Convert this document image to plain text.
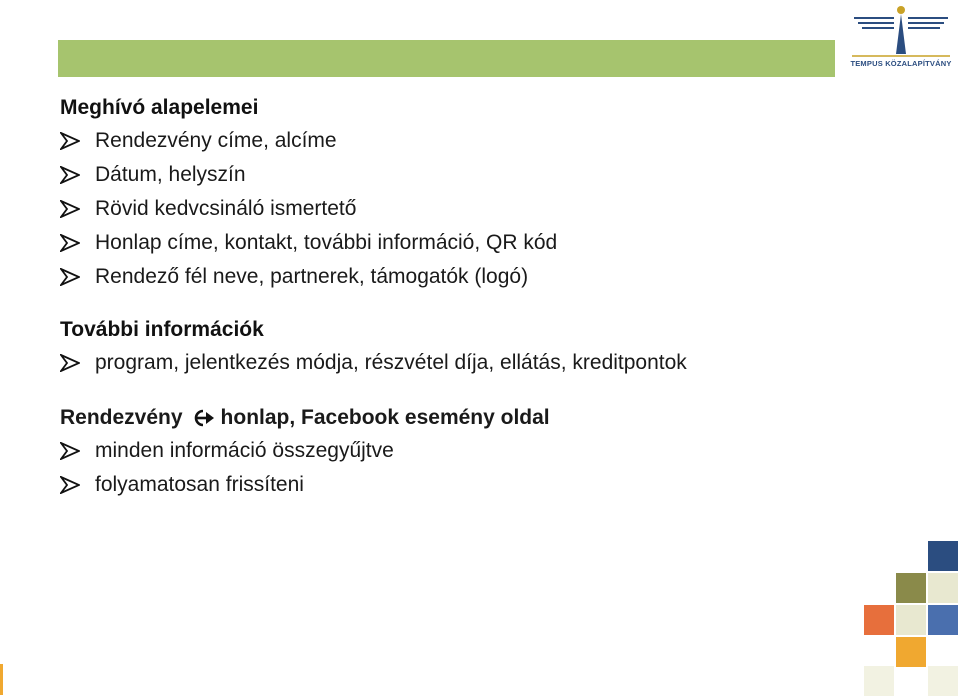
TEMPUS KÖZALAPÍTVÁNY
Meghívó alapelemei
Rendezvény címe, alcíme
Dátum, helyszín
Rövid kedvcsináló ismertető
Honlap címe, kontakt, további információ, QR kód
Rendező fél neve, partnerek, támogatók (logó)
További információk
program, jelentkezés módja, részvétel díja, ellátás, kreditpontok
Rendezvény honlap, Facebook esemény oldal
minden információ összegyűjtve
folyamatosan frissíteni
